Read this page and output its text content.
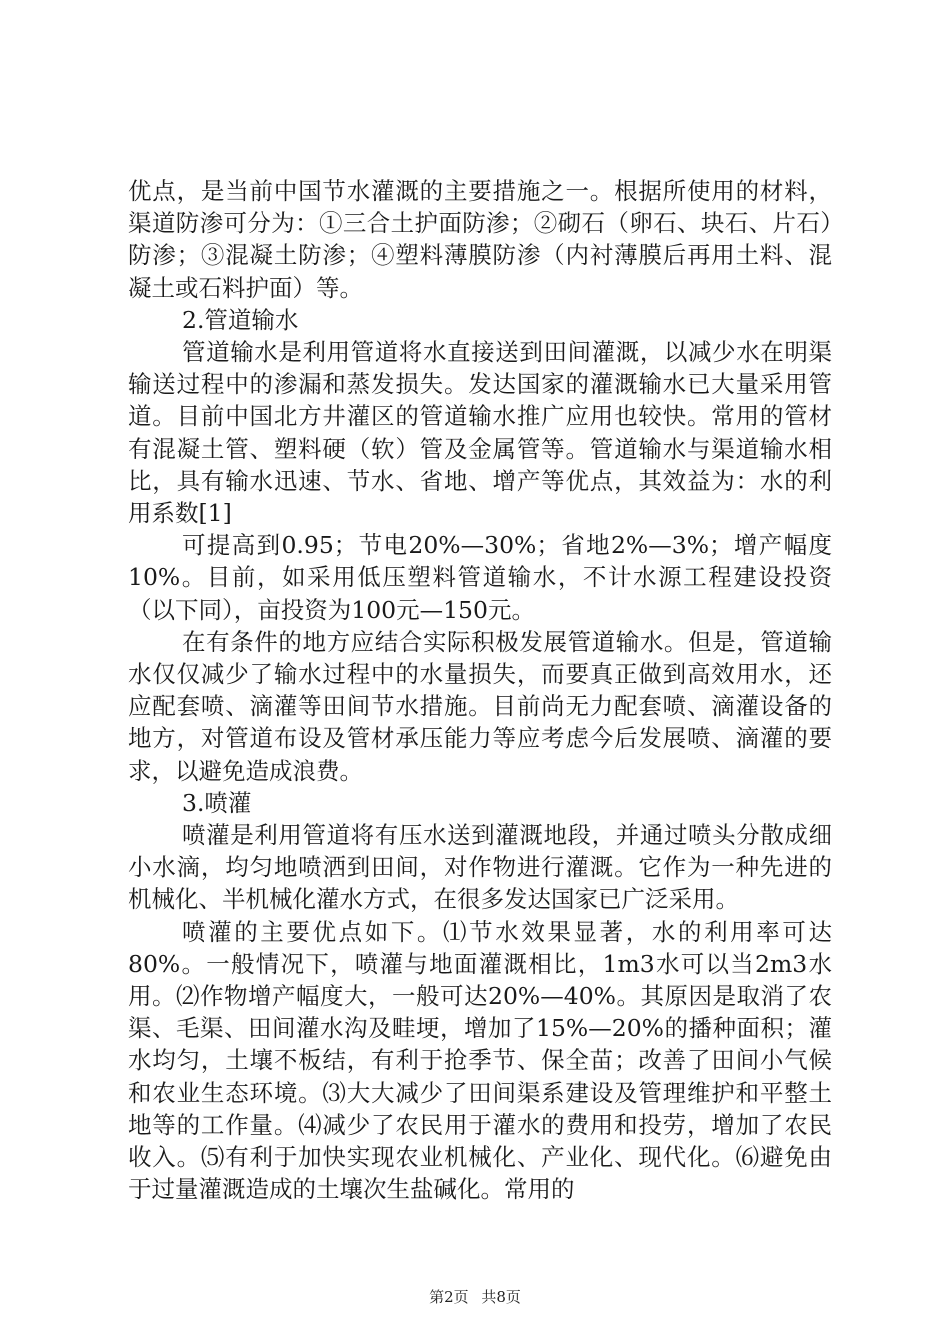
优点，是当前中国节水灌溉的主要措施之一。根据所使用的材料，渠道防渗可分为：①三合土护面防渗；②砌石（卵石、块石、片石）防渗；③混凝土防渗；④塑料薄膜防渗（内衬薄膜后再用土料、混凝土或石料护面）等。

2.管道输水

管道输水是利用管道将水直接送到田间灌溉，以减少水在明渠输送过程中的渗漏和蒸发损失。发达国家的灌溉输水已大量采用管道。目前中国北方井灌区的管道输水推广应用也较快。常用的管材有混凝土管、塑料硬（软）管及金属管等。管道输水与渠道输水相比，具有输水迅速、节水、省地、增产等优点，其效益为：水的利用系数[1]

可提高到0.95；节电20%—30%；省地2%—3%；增产幅度10%。目前，如采用低压塑料管道输水，不计水源工程建设投资（以下同），亩投资为100元—150元。

在有条件的地方应结合实际积极发展管道输水。但是，管道输水仅仅减少了输水过程中的水量损失，而要真正做到高效用水，还应配套喷、滴灌等田间节水措施。目前尚无力配套喷、滴灌设备的地方，对管道布设及管材承压能力等应考虑今后发展喷、滴灌的要求，以避免造成浪费。

3.喷灌

喷灌是利用管道将有压水送到灌溉地段，并通过喷头分散成细小水滴，均匀地喷洒到田间，对作物进行灌溉。它作为一种先进的机械化、半机械化灌水方式，在很多发达国家已广泛采用。

喷灌的主要优点如下。⑴节水效果显著，水的利用率可达80%。一般情况下，喷灌与地面灌溉相比，1m3水可以当2m3水用。⑵作物增产幅度大，一般可达20%—40%。其原因是取消了农渠、毛渠、田间灌水沟及畦埂，增加了15%—20%的播种面积；灌水均匀，土壤不板结，有利于抢季节、保全苗；改善了田间小气候和农业生态环境。⑶大大减少了田间渠系建设及管理维护和平整土地等的工作量。⑷减少了农民用于灌水的费用和投劳，增加了农民收入。⑸有利于加快实现农业机械化、产业化、现代化。⑹避免由于过量灌溉造成的土壤次生盐碱化。常用的

第2页 共8页
